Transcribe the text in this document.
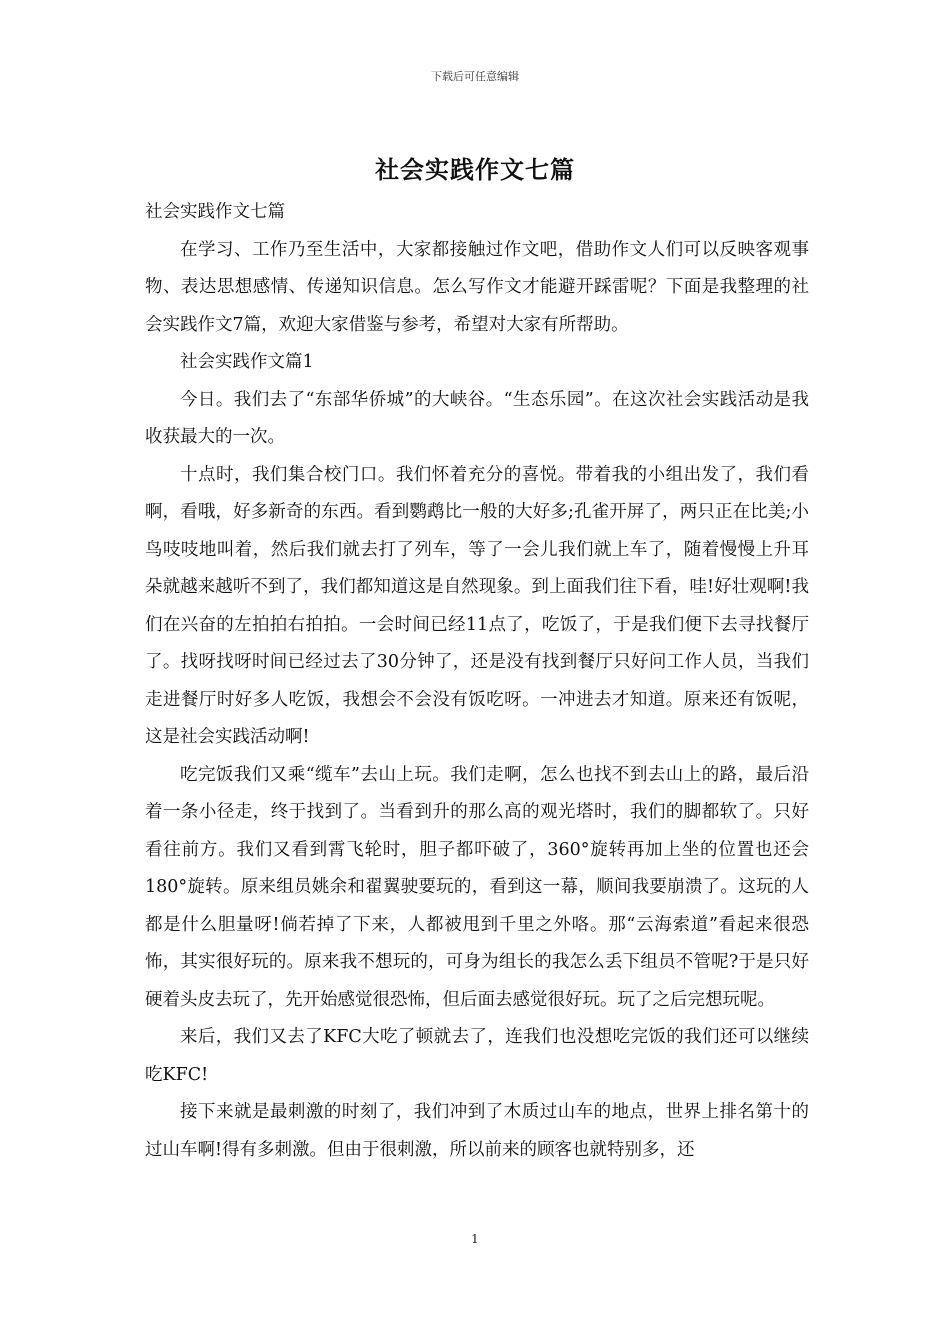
下载后可任意编辑
社会实践作文七篇

社会实践作文七篇

在学习、工作乃至生活中，大家都接触过作文吧，借助作文人们可以反映客观事物、表达思想感情、传递知识信息。怎么写作文才能避开踩雷呢？下面是我整理的社会实践作文7篇，欢迎大家借鉴与参考，希望对大家有所帮助。

社会实践作文篇1

今日。我们去了“东部华侨城”的大峡谷。“生态乐园”。在这次社会实践活动是我收获最大的一次。

十点时，我们集合校门口。我们怀着充分的喜悦。带着我的小组出发了，我们看啊，看哦，好多新奇的东西。看到鹦鹉比一般的大好多;孔雀开屏了，两只正在比美;小鸟吱吱地叫着，然后我们就去打了列车，等了一会儿我们就上车了，随着慢慢上升耳朵就越来越听不到了，我们都知道这是自然现象。到上面我们往下看，哇!好壮观啊!我们在兴奋的左拍拍右拍拍。一会时间已经11点了，吃饭了，于是我们便下去寻找餐厅了。找呀找呀时间已经过去了30分钟了，还是没有找到餐厅只好问工作人员，当我们走进餐厅时好多人吃饭，我想会不会没有饭吃呀。一冲进去才知道。原来还有饭呢，这是社会实践活动啊!

吃完饭我们又乘“缆车”去山上玩。我们走啊，怎么也找不到去山上的路，最后沿着一条小径走，终于找到了。当看到升的那么高的观光塔时，我们的脚都软了。只好看往前方。我们又看到霄飞轮时，胆子都吓破了，360°旋转再加上坐的位置也还会180°旋转。原来组员姚余和翟翼驶要玩的，看到这一幕，顺间我要崩溃了。这玩的人都是什么胆量呀!倘若掉了下来，人都被甩到千里之外咯。那“云海索道”看起来很恐怖，其实很好玩的。原来我不想玩的，可身为组长的我怎么丢下组员不管呢?于是只好硬着头皮去玩了，先开始感觉很恐怖，但后面去感觉很好玩。玩了之后完想玩呢。

来后，我们又去了KFC大吃了顿就去了，连我们也没想吃完饭的我们还可以继续吃KFC!

接下来就是最刺激的时刻了，我们冲到了木质过山车的地点，世界上排名第十的过山车啊!得有多刺激。但由于很刺激，所以前来的顾客也就特别多，还

1
